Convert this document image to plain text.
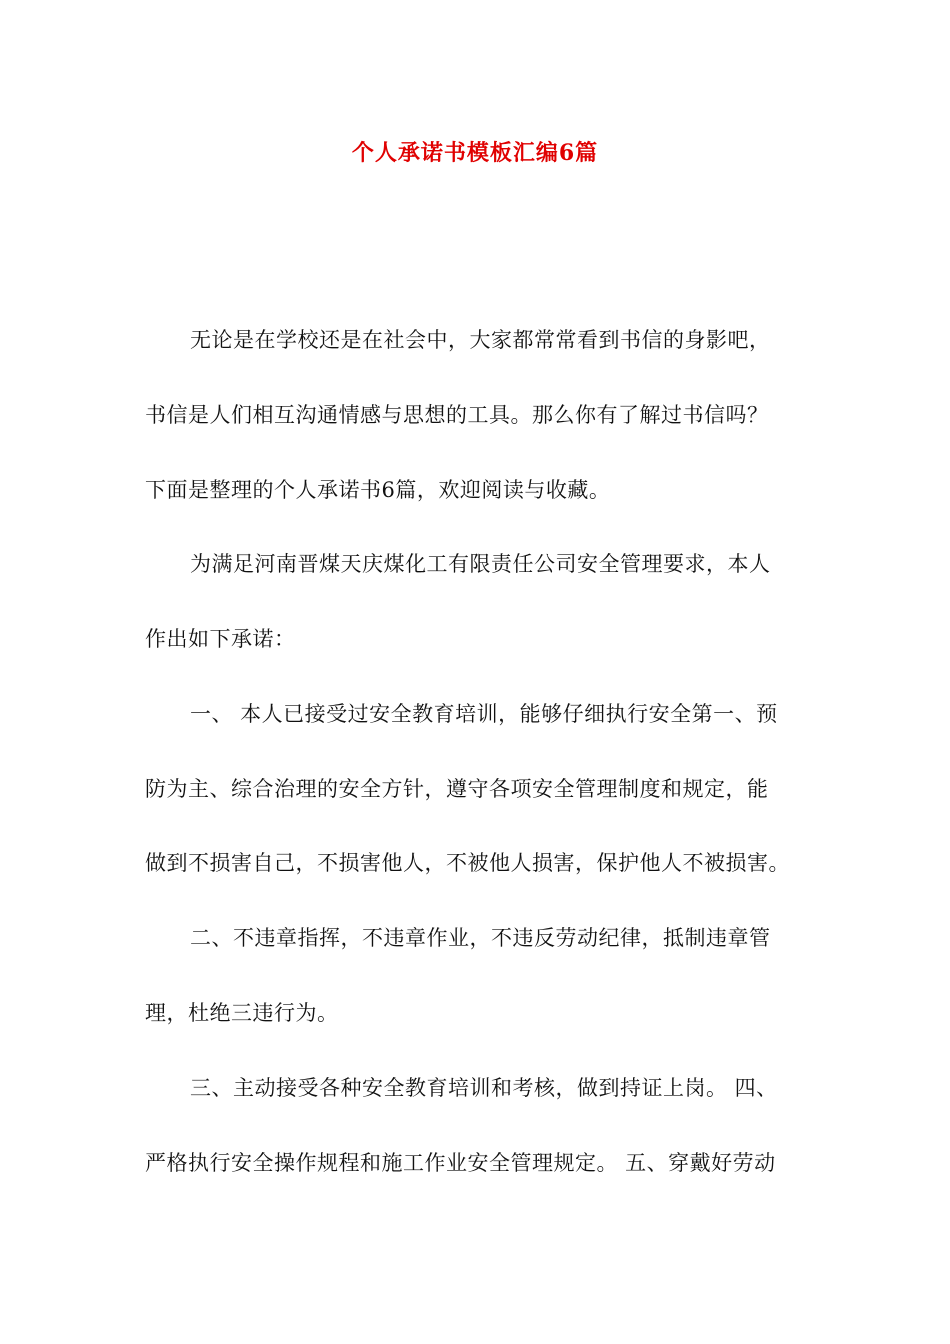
个人承诺书模板汇编6篇
无论是在学校还是在社会中，大家都常常看到书信的身影吧，
书信是人们相互沟通情感与思想的工具。那么你有了解过书信吗？
下面是整理的个人承诺书6篇，欢迎阅读与收藏。
为满足河南晋煤天庆煤化工有限责任公司安全管理要求，本人
作出如下承诺：
一、 本人已接受过安全教育培训，能够仔细执行安全第一、预
防为主、综合治理的安全方针，遵守各项安全管理制度和规定，能
做到不损害自己，不损害他人，不被他人损害，保护他人不被损害。
二、不违章指挥，不违章作业，不违反劳动纪律，抵制违章管
理，杜绝三违行为。
三、主动接受各种安全教育培训和考核，做到持证上岗。 四、
严格执行安全操作规程和施工作业安全管理规定。 五、穿戴好劳动
